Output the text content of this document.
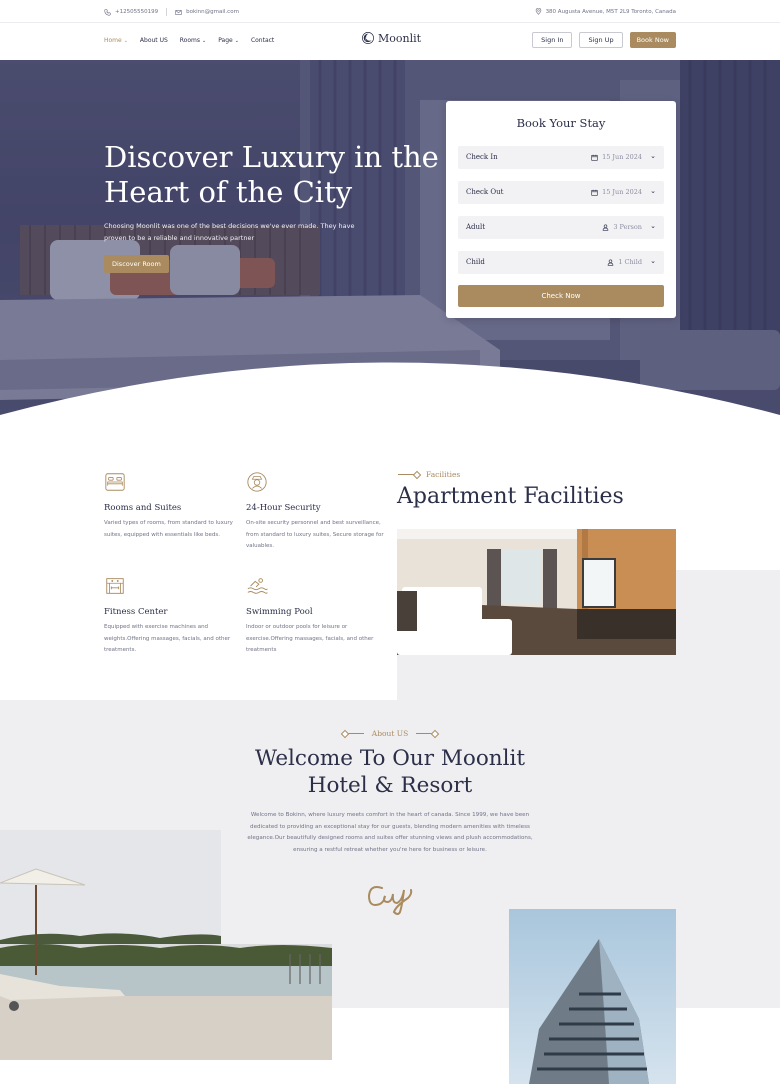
+12505550199	bokinn@gmail.com	380 Augusta Avenue, M5T 2L9 Toronto, Canada
Home ⌄ About US Rooms ⌄ Page ⌄ Contact	Moonlit	Sign In	Sign Up	Book Now
Discover Luxury in the Heart of the City

Choosing Moonlit was one of the best decisions we've ever made. They have proven to be a reliable and innovative partner

Discover Room
Book Your Stay
Check In	15 Jun 2024 ⌄
Check Out	15 Jun 2024 ⌄
Adult	3 Person ⌄
Child	1 Child ⌄
Check Now
Rooms and Suites
Varied types of rooms, from standard to luxury suites, equipped with essentials like beds.
24-Hour Security
On-site security personnel and best surveillance, from standard to luxury suites, Secure storage for valuables.
Fitness Center
Equipped with exercise machines and weights.Offering massages, facials, and other treatments.
Swimming Pool
Indoor or outdoor pools for leisure or exercise.Offering massages, facials, and other treatments
Facilities
Apartment Facilities
About US
Welcome To Our Moonlit
Hotel & Resort

Welcome to Bokinn, where luxury meets comfort in the heart of canada. Since 1999, we have been dedicated to providing an exceptional stay for our guests, blending modern amenities with timeless elegance.Our beautifully designed rooms and suites offer stunning views and plush accommodations, ensuring a restful retreat whether you're here for business or leisure.
